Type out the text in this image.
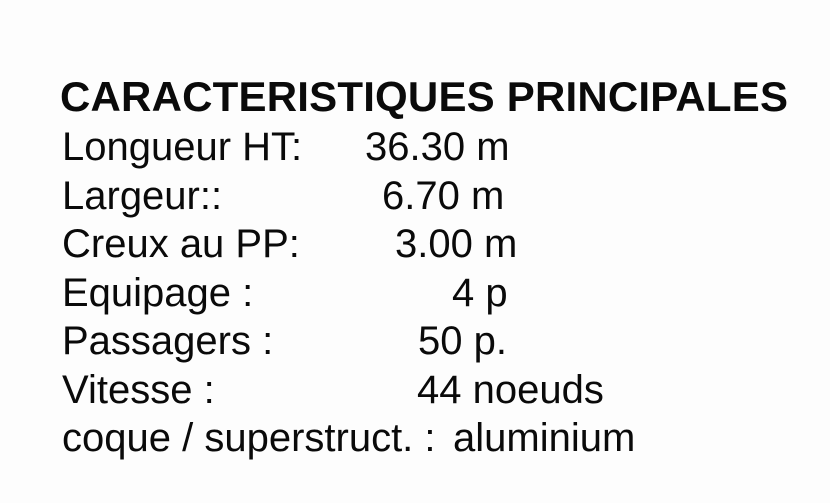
CARACTERISTIQUES PRINCIPALES
Longueur HT: 36.30 m
Largeur::	6.70 m
Creux au PP: 3.00 m
Equipage :	4 p
Passagers :	50 p.
Vitesse :	44 noeuds
coque / superstruct. : aluminium
